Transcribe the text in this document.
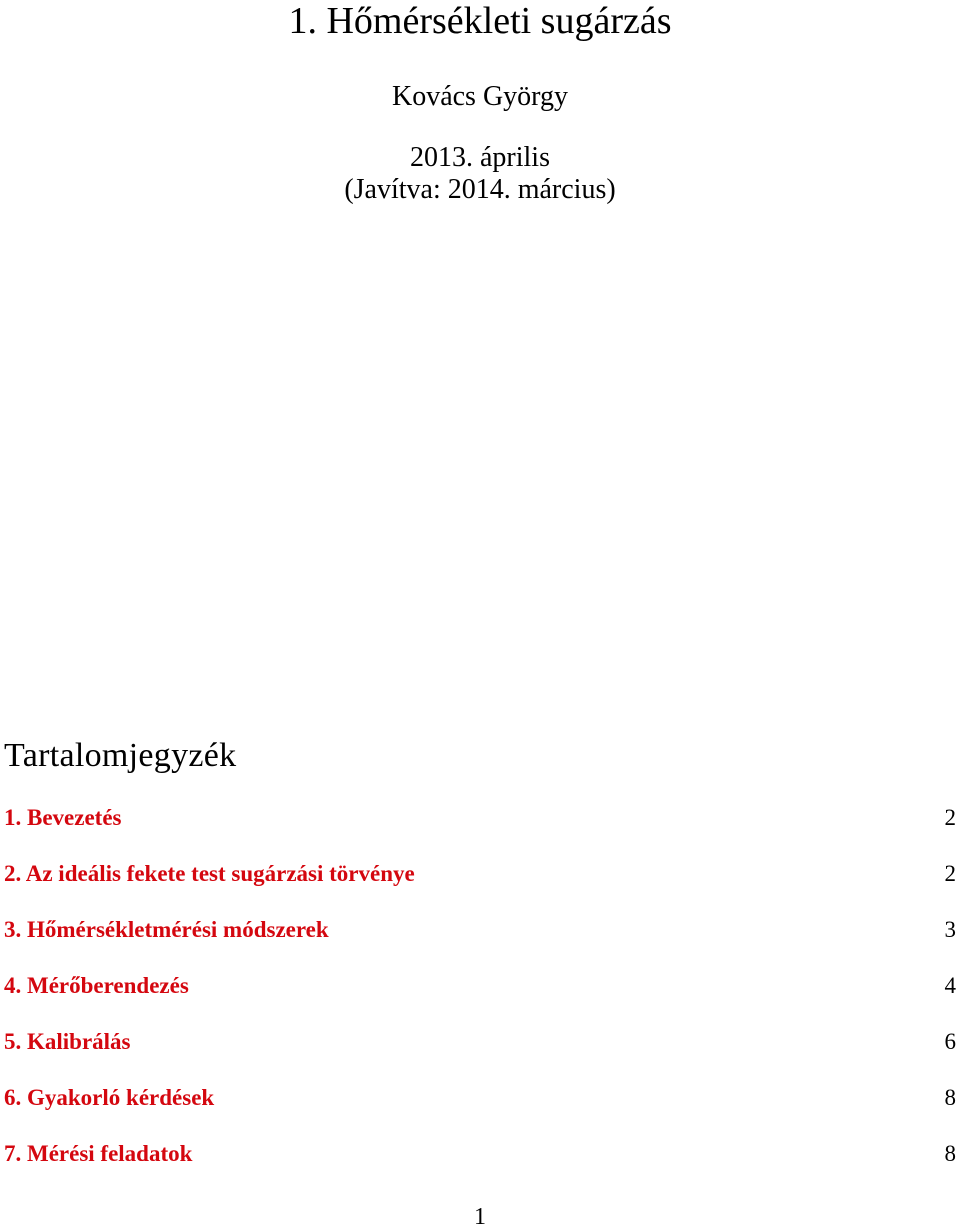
1. Hőmérsékleti sugárzás
Kovács György
2013. április
(Javítva: 2014. március)
Tartalomjegyzék
1. Bevezetés	2
2. Az ideális fekete test sugárzási törvénye	2
3. Hőmérsékletmérési módszerek	3
4. Mérőberendezés	4
5. Kalibrálás	6
6. Gyakorló kérdések	8
7. Mérési feladatok	8
1
